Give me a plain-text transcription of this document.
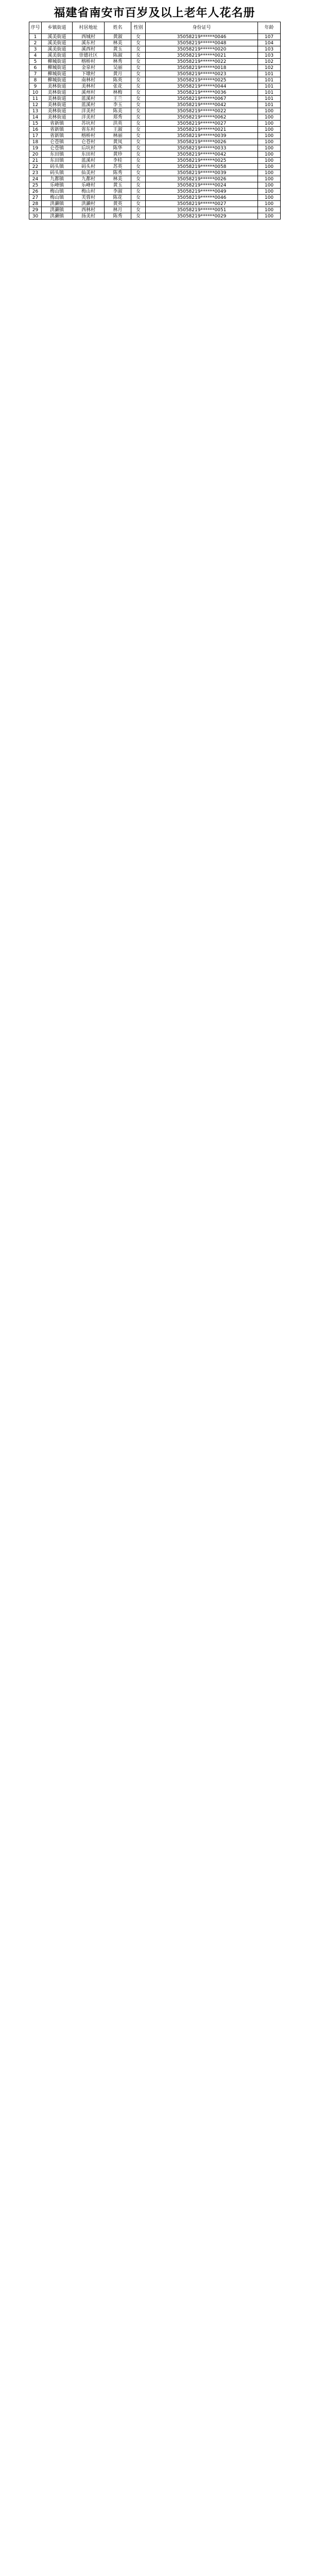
福建省南安市百岁及以上老年人花名册
序号	乡镇街道	村居地址	姓名	性别	身份证号	年龄
1	溪美街道	西城村	黄淑	女	35058219******0046	107
2	溪美街道	溪东村	林美	女	35058219******0048	104
3	溪美街道	溪西村	黄玉	女	35058219******0020	103
4	溪美街道	崇德社区	陈淑	女	35058219******0021	103
5	柳城街道	榕桥村	林秀	女	35058219******0022	102
6	柳城街道	金泉村	吴丽	女	35058219******0018	102
7	柳城街道	下墩村	黄月	女	35058219******0023	101
8	柳城街道	南林村	陈英	女	35058219******0025	101
9	美林街道	美林村	张花	女	35058219******0044	101
10	美林街道	溪州村	林梅	女	35058219******0036	101
11	美林街道	蓝溪村	王兰	女	35058219******0067	101
12	美林街道	蓝溪村	李玉	女	35058219******0042	101
13	美林街道	洋美村	陈美	女	35058219******0022	100
14	美林街道	洋美村	郑秀	女	35058219******0062	100
15	省新镇	苏坑村	洪英	女	35058219******0027	100
16	省新镇	省东村	王淑	女	35058219******0021	100
17	省新镇	榕桥村	林丽	女	35058219******0039	100
18	仑苍镇	仑苍村	黄凤	女	35058219******0026	100
19	仑苍镇	后坑村	陈华	女	35058219******0033	100
20	东田镇	东田村	黄珍	女	35058219******0042	100
21	东田镇	蓝溪村	李桂	女	35058219******0025	100
22	码头镇	码头村	苏英	女	35058219******0058	100
23	码头镇	仙美村	陈秀	女	35058219******0039	100
24	九都镇	九都村	林美	女	35058219******0026	100
25	乐峰镇	乐峰村	黄玉	女	35058219******0024	100
26	梅山镇	梅山村	李淑	女	35058219******0049	100
27	梅山镇	芙蓉村	陈花	女	35058219******0046	100
28	洪濑镇	洪濑村	黄英	女	35058219******0027	100
29	洪濑镇	西林村	林月	女	35058219******0051	100
30	洪濑镇	扬美村	陈秀	女	35058219******0029	100
